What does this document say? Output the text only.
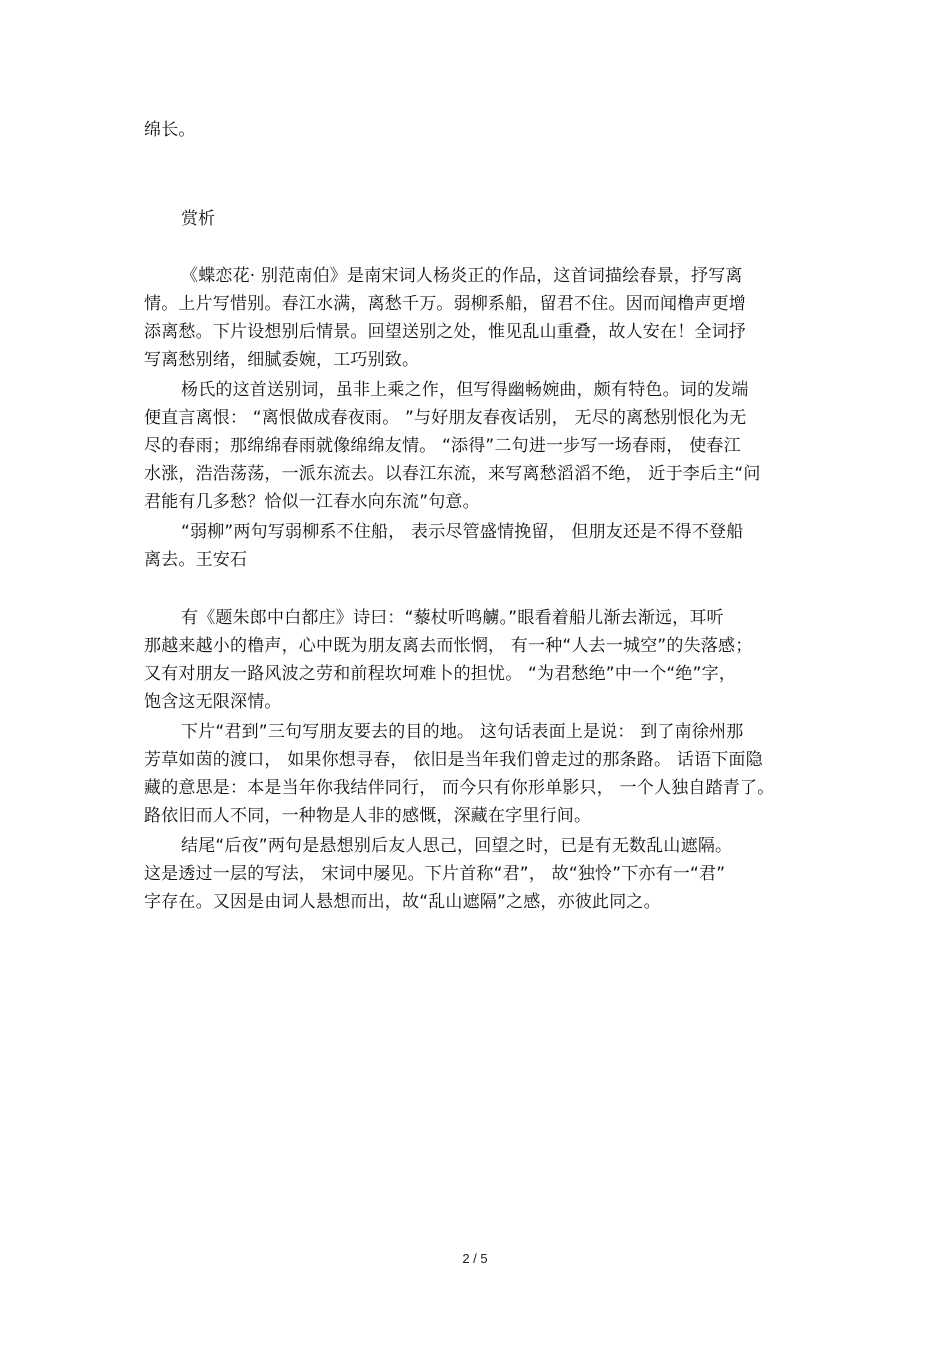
绵长。
赏析
《蝶恋花· 别范南伯》是南宋词人杨炎正的作品，这首词描绘春景，抒写离
情。上片写惜别。春江水满，离愁千万。弱柳系船，留君不住。因而闻橹声更增
添离愁。下片设想别后情景。回望送别之处，惟见乱山重叠，故人安在！全词抒
写离愁别绪，细腻委婉，工巧别致。
杨氏的这首送别词，虽非上乘之作，但写得幽畅婉曲，颇有特色。词的发端
便直言离恨： “离恨做成春夜雨。 ”与好朋友春夜话别， 无尽的离愁别恨化为无
尽的春雨；那绵绵春雨就像绵绵友情。 “添得”二句进一步写一场春雨， 使春江
水涨，浩浩荡荡，一派东流去。以春江东流，来写离愁滔滔不绝， 近于李后主“问
君能有几多愁？恰似一江春水向东流”句意。
“弱柳”两句写弱柳系不住船， 表示尽管盛情挽留， 但朋友还是不得不登船
离去。王安石
有《题朱郎中白都庄》诗曰：“藜杖听鸣艣。”眼看着船儿渐去渐远，耳听
那越来越小的橹声，心中既为朋友离去而怅惘， 有一种“人去一城空”的失落感；
又有对朋友一路风波之劳和前程坎坷难卜的担忧。 “为君愁绝”中一个“绝”字，
饱含这无限深情。
下片“君到”三句写朋友要去的目的地。 这句话表面上是说： 到了南徐州那
芳草如茵的渡口， 如果你想寻春， 依旧是当年我们曾走过的那条路。 话语下面隐
藏的意思是：本是当年你我结伴同行， 而今只有你形单影只， 一个人独自踏青了。
路依旧而人不同，一种物是人非的感慨，深藏在字里行间。
结尾“后夜”两句是悬想别后友人思己，回望之时，已是有无数乱山遮隔。
这是透过一层的写法， 宋词中屡见。下片首称“君”， 故“独怜”下亦有一“君”
字存在。又因是由词人悬想而出，故“乱山遮隔”之感，亦彼此同之。
2 / 5
